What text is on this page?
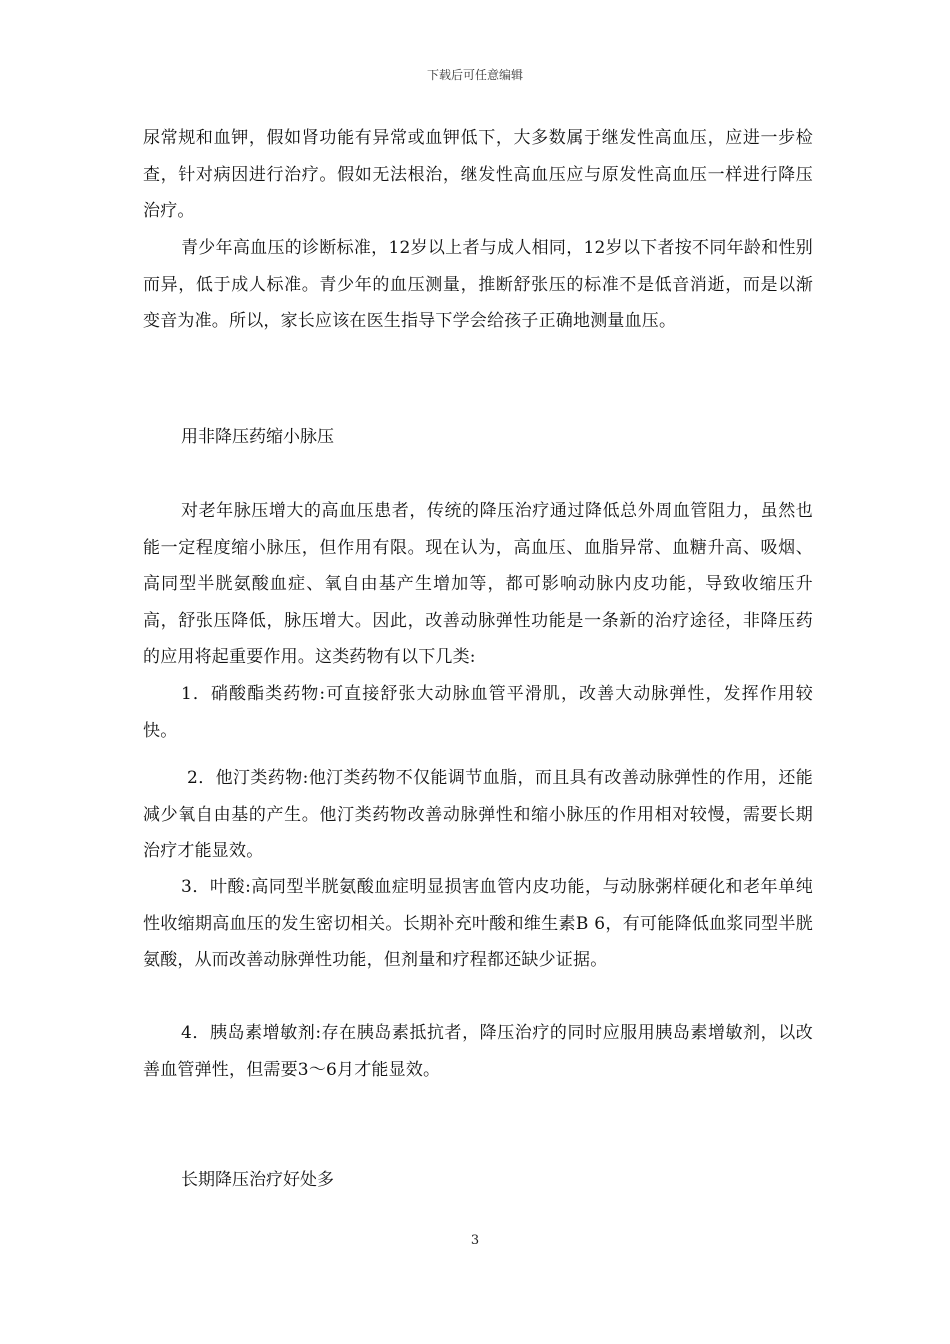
下载后可任意编辑

尿常规和血钾，假如肾功能有异常或血钾低下，大多数属于继发性高血压，应进一步检查，针对病因进行治疗。假如无法根治，继发性高血压应与原发性高血压一样进行降压治疗。

青少年高血压的诊断标准，12岁以上者与成人相同，12岁以下者按不同年龄和性别而异，低于成人标准。青少年的血压测量，推断舒张压的标准不是低音消逝，而是以渐变音为准。所以，家长应该在医生指导下学会给孩子正确地测量血压。

用非降压药缩小脉压

对老年脉压增大的高血压患者，传统的降压治疗通过降低总外周血管阻力，虽然也能一定程度缩小脉压，但作用有限。现在认为，高血压、血脂异常、血糖升高、吸烟、高同型半胱氨酸血症、氧自由基产生增加等，都可影响动脉内皮功能，导致收缩压升高，舒张压降低，脉压增大。因此，改善动脉弹性功能是一条新的治疗途径，非降压药的应用将起重要作用。这类药物有以下几类:

1．硝酸酯类药物:可直接舒张大动脉血管平滑肌，改善大动脉弹性，发挥作用较快。

2．他汀类药物:他汀类药物不仅能调节血脂，而且具有改善动脉弹性的作用，还能减少氧自由基的产生。他汀类药物改善动脉弹性和缩小脉压的作用相对较慢，需要长期治疗才能显效。

3．叶酸:高同型半胱氨酸血症明显损害血管内皮功能，与动脉粥样硬化和老年单纯性收缩期高血压的发生密切相关。长期补充叶酸和维生素B 6，有可能降低血浆同型半胱氨酸，从而改善动脉弹性功能，但剂量和疗程都还缺少证据。

4．胰岛素增敏剂:存在胰岛素抵抗者，降压治疗的同时应服用胰岛素增敏剂，以改善血管弹性，但需要3～6月才能显效。

长期降压治疗好处多

3
